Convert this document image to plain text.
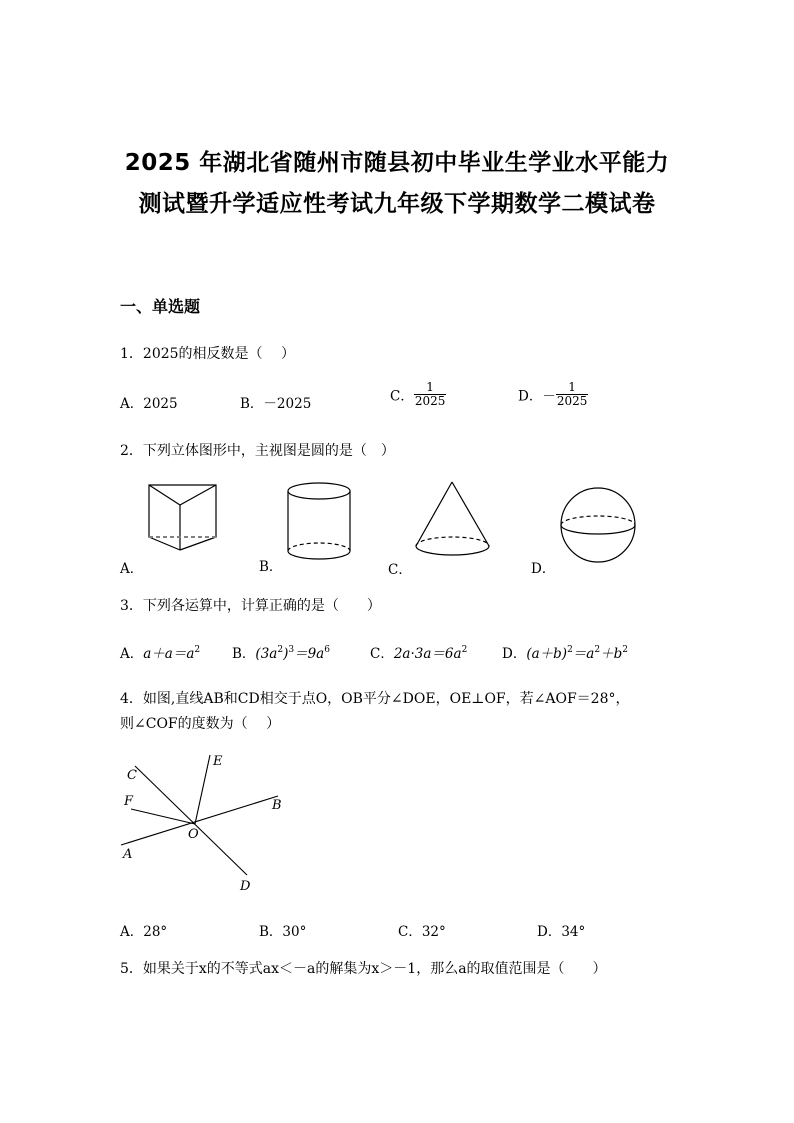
2025 年湖北省随州市随县初中毕业生学业水平能力
测试暨升学适应性考试九年级下学期数学二模试卷
一、单选题
1．2025的相反数是（　 ）
A．2025	B．－2025	C． $\frac{1}{2025}$	D．－ $\frac{1}{2025}$
2．下列立体图形中，主视图是圆的是（　）
A．	B．	C．	D．
3．下列各运算中，计算正确的是（　　）
A．$a+a=a^2$ B．$(3a^2)^3=9a^6$	C．$2a\cdot 3a=6a^2$	D．$(a+b)^2=a^2+b^2$
4．如图,直线AB和CD相交于点O，OB平分∠DOE，OE⊥OF，若∠AOF＝28°，
则∠COF的度数为（　 ）
C
E
F	B
O
A
D
A．28°	B．30°	C．32°	D．34°
5．如果关于x的不等式ax＜－a的解集为x＞－1，那么a的取值范围是（　　）
